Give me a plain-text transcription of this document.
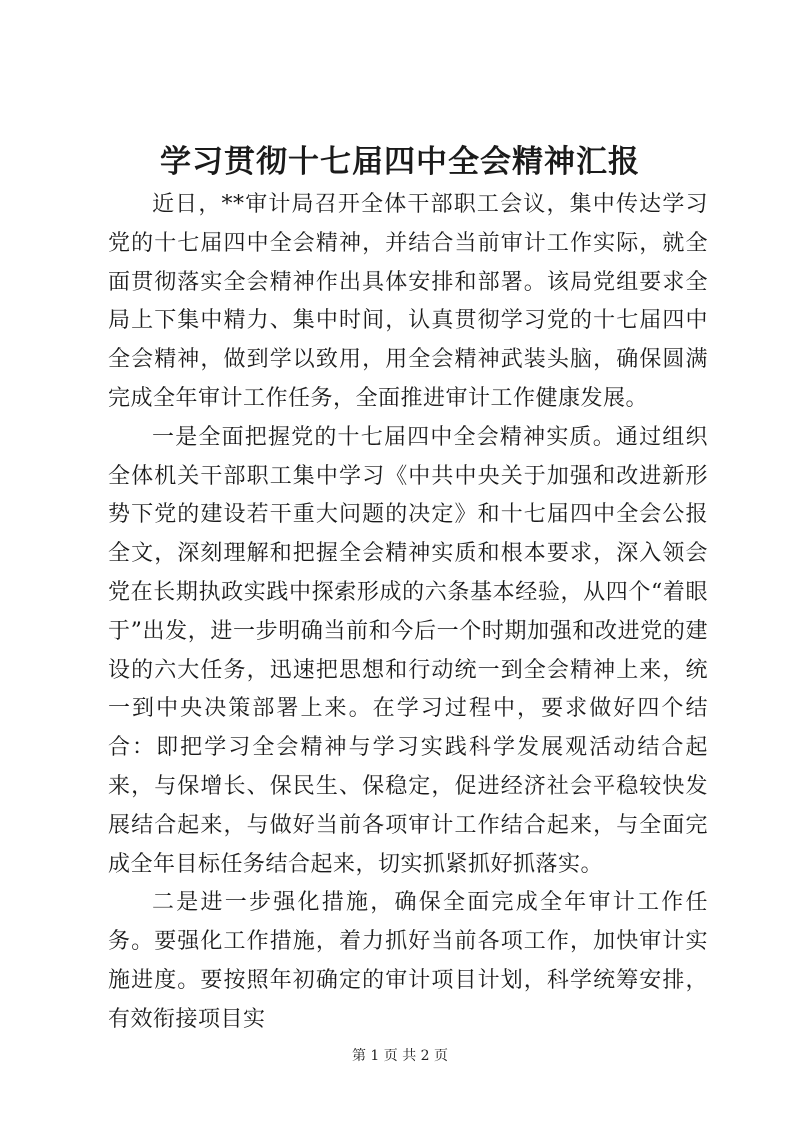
学习贯彻十七届四中全会精神汇报

近日，**审计局召开全体干部职工会议，集中传达学习党的十七届四中全会精神，并结合当前审计工作实际，就全面贯彻落实全会精神作出具体安排和部署。该局党组要求全局上下集中精力、集中时间，认真贯彻学习党的十七届四中全会精神，做到学以致用，用全会精神武装头脑，确保圆满完成全年审计工作任务，全面推进审计工作健康发展。

一是全面把握党的十七届四中全会精神实质。通过组织全体机关干部职工集中学习《中共中央关于加强和改进新形势下党的建设若干重大问题的决定》和十七届四中全会公报全文，深刻理解和把握全会精神实质和根本要求，深入领会党在长期执政实践中探索形成的六条基本经验，从四个“着眼于”出发，进一步明确当前和今后一个时期加强和改进党的建设的六大任务，迅速把思想和行动统一到全会精神上来，统一到中央决策部署上来。在学习过程中，要求做好四个结合：即把学习全会精神与学习实践科学发展观活动结合起来，与保增长、保民生、保稳定，促进经济社会平稳较快发展结合起来，与做好当前各项审计工作结合起来，与全面完成全年目标任务结合起来，切实抓紧抓好抓落实。

二是进一步强化措施，确保全面完成全年审计工作任务。要强化工作措施，着力抓好当前各项工作，加快审计实施进度。要按照年初确定的审计项目计划，科学统筹安排，有效衔接项目实

第 1 页 共 2 页
